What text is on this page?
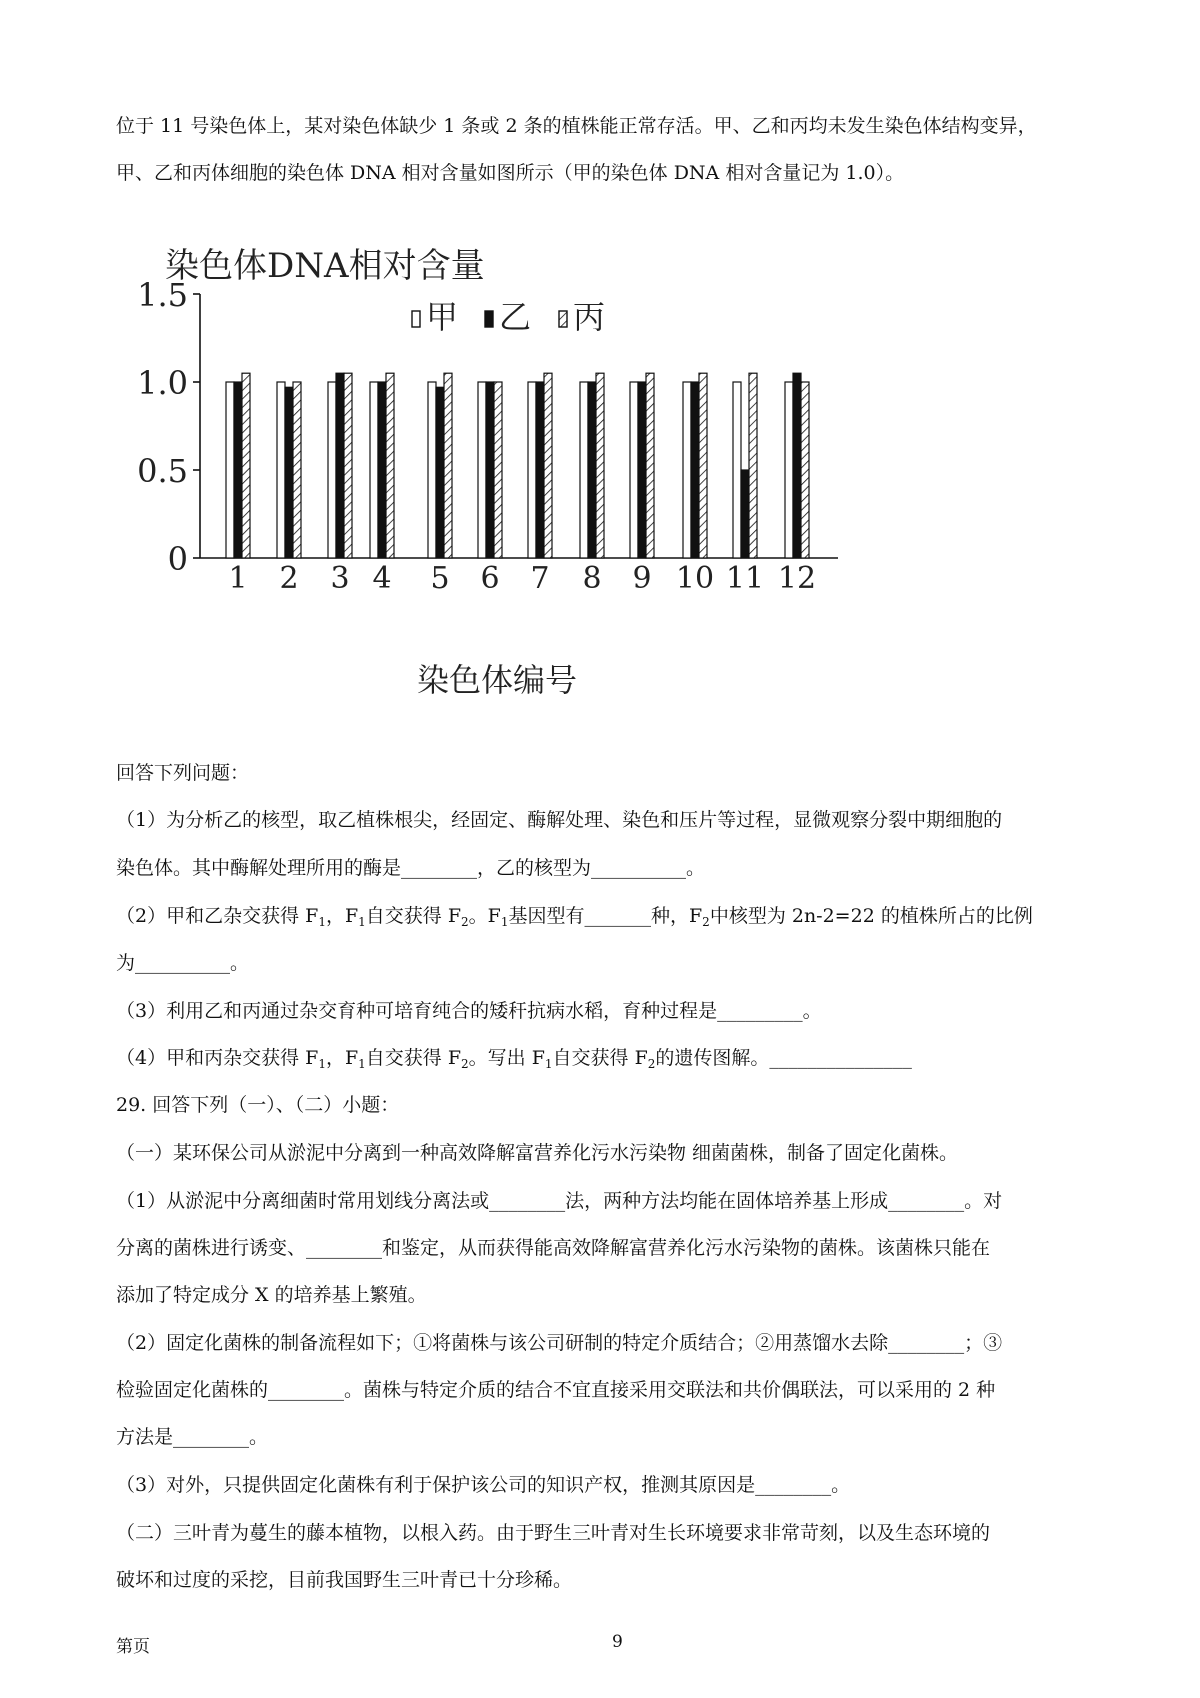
位于 11 号染色体上，某对染色体缺少 1 条或 2 条的植株能正常存活。甲、乙和丙均未发生染色体结构变异，
甲、乙和丙体细胞的染色体 DNA 相对含量如图所示（甲的染色体 DNA 相对含量记为 1.0）。
染色体DNA相对含量
0
0.5
1.0
1.5
甲 乙 丙
1 2 3 4 5 6 7 8 9 10 11 12
染色体编号
回答下列问题：
（1）为分析乙的核型，取乙植株根尖，经固定、酶解处理、染色和压片等过程，显微观察分裂中期细胞的
染色体。其中酶解处理所用的酶是________，乙的核型为__________。
（2）甲和乙杂交获得 $F_1$，$F_1$自交获得 $F_2$。$F_1$基因型有_______种，$F_2$中核型为 2n-2=22 的植株所占的比例
为__________。
（3）利用乙和丙通过杂交育种可培育纯合的矮秆抗病水稻，育种过程是_________。
（4）甲和丙杂交获得 $F_1$，$F_1$自交获得 $F_2$。写出 $F_1$自交获得 $F_2$的遗传图解。_______________
29. 回答下列（一）、（二）小题：
（一）某环保公司从淤泥中分离到一种高效降解富营养化污水污染物 细菌菌株，制备了固定化菌株。
（1）从淤泥中分离细菌时常用划线分离法或________法，两种方法均能在固体培养基上形成________。对
分离的菌株进行诱变、________和鉴定，从而获得能高效降解富营养化污水污染物的菌株。该菌株只能在
添加了特定成分 X 的培养基上繁殖。
（2）固定化菌株的制备流程如下；①将菌株与该公司研制的特定介质结合；②用蒸馏水去除________；③
检验固定化菌株的________。菌株与特定介质的结合不宜直接采用交联法和共价偶联法，可以采用的 2 种
方法是________。
（3）对外，只提供固定化菌株有利于保护该公司的知识产权，推测其原因是________。
（二）三叶青为蔓生的藤本植物，以根入药。由于野生三叶青对生长环境要求非常苛刻，以及生态环境的
破坏和过度的采挖，目前我国野生三叶青已十分珍稀。
第页	9
